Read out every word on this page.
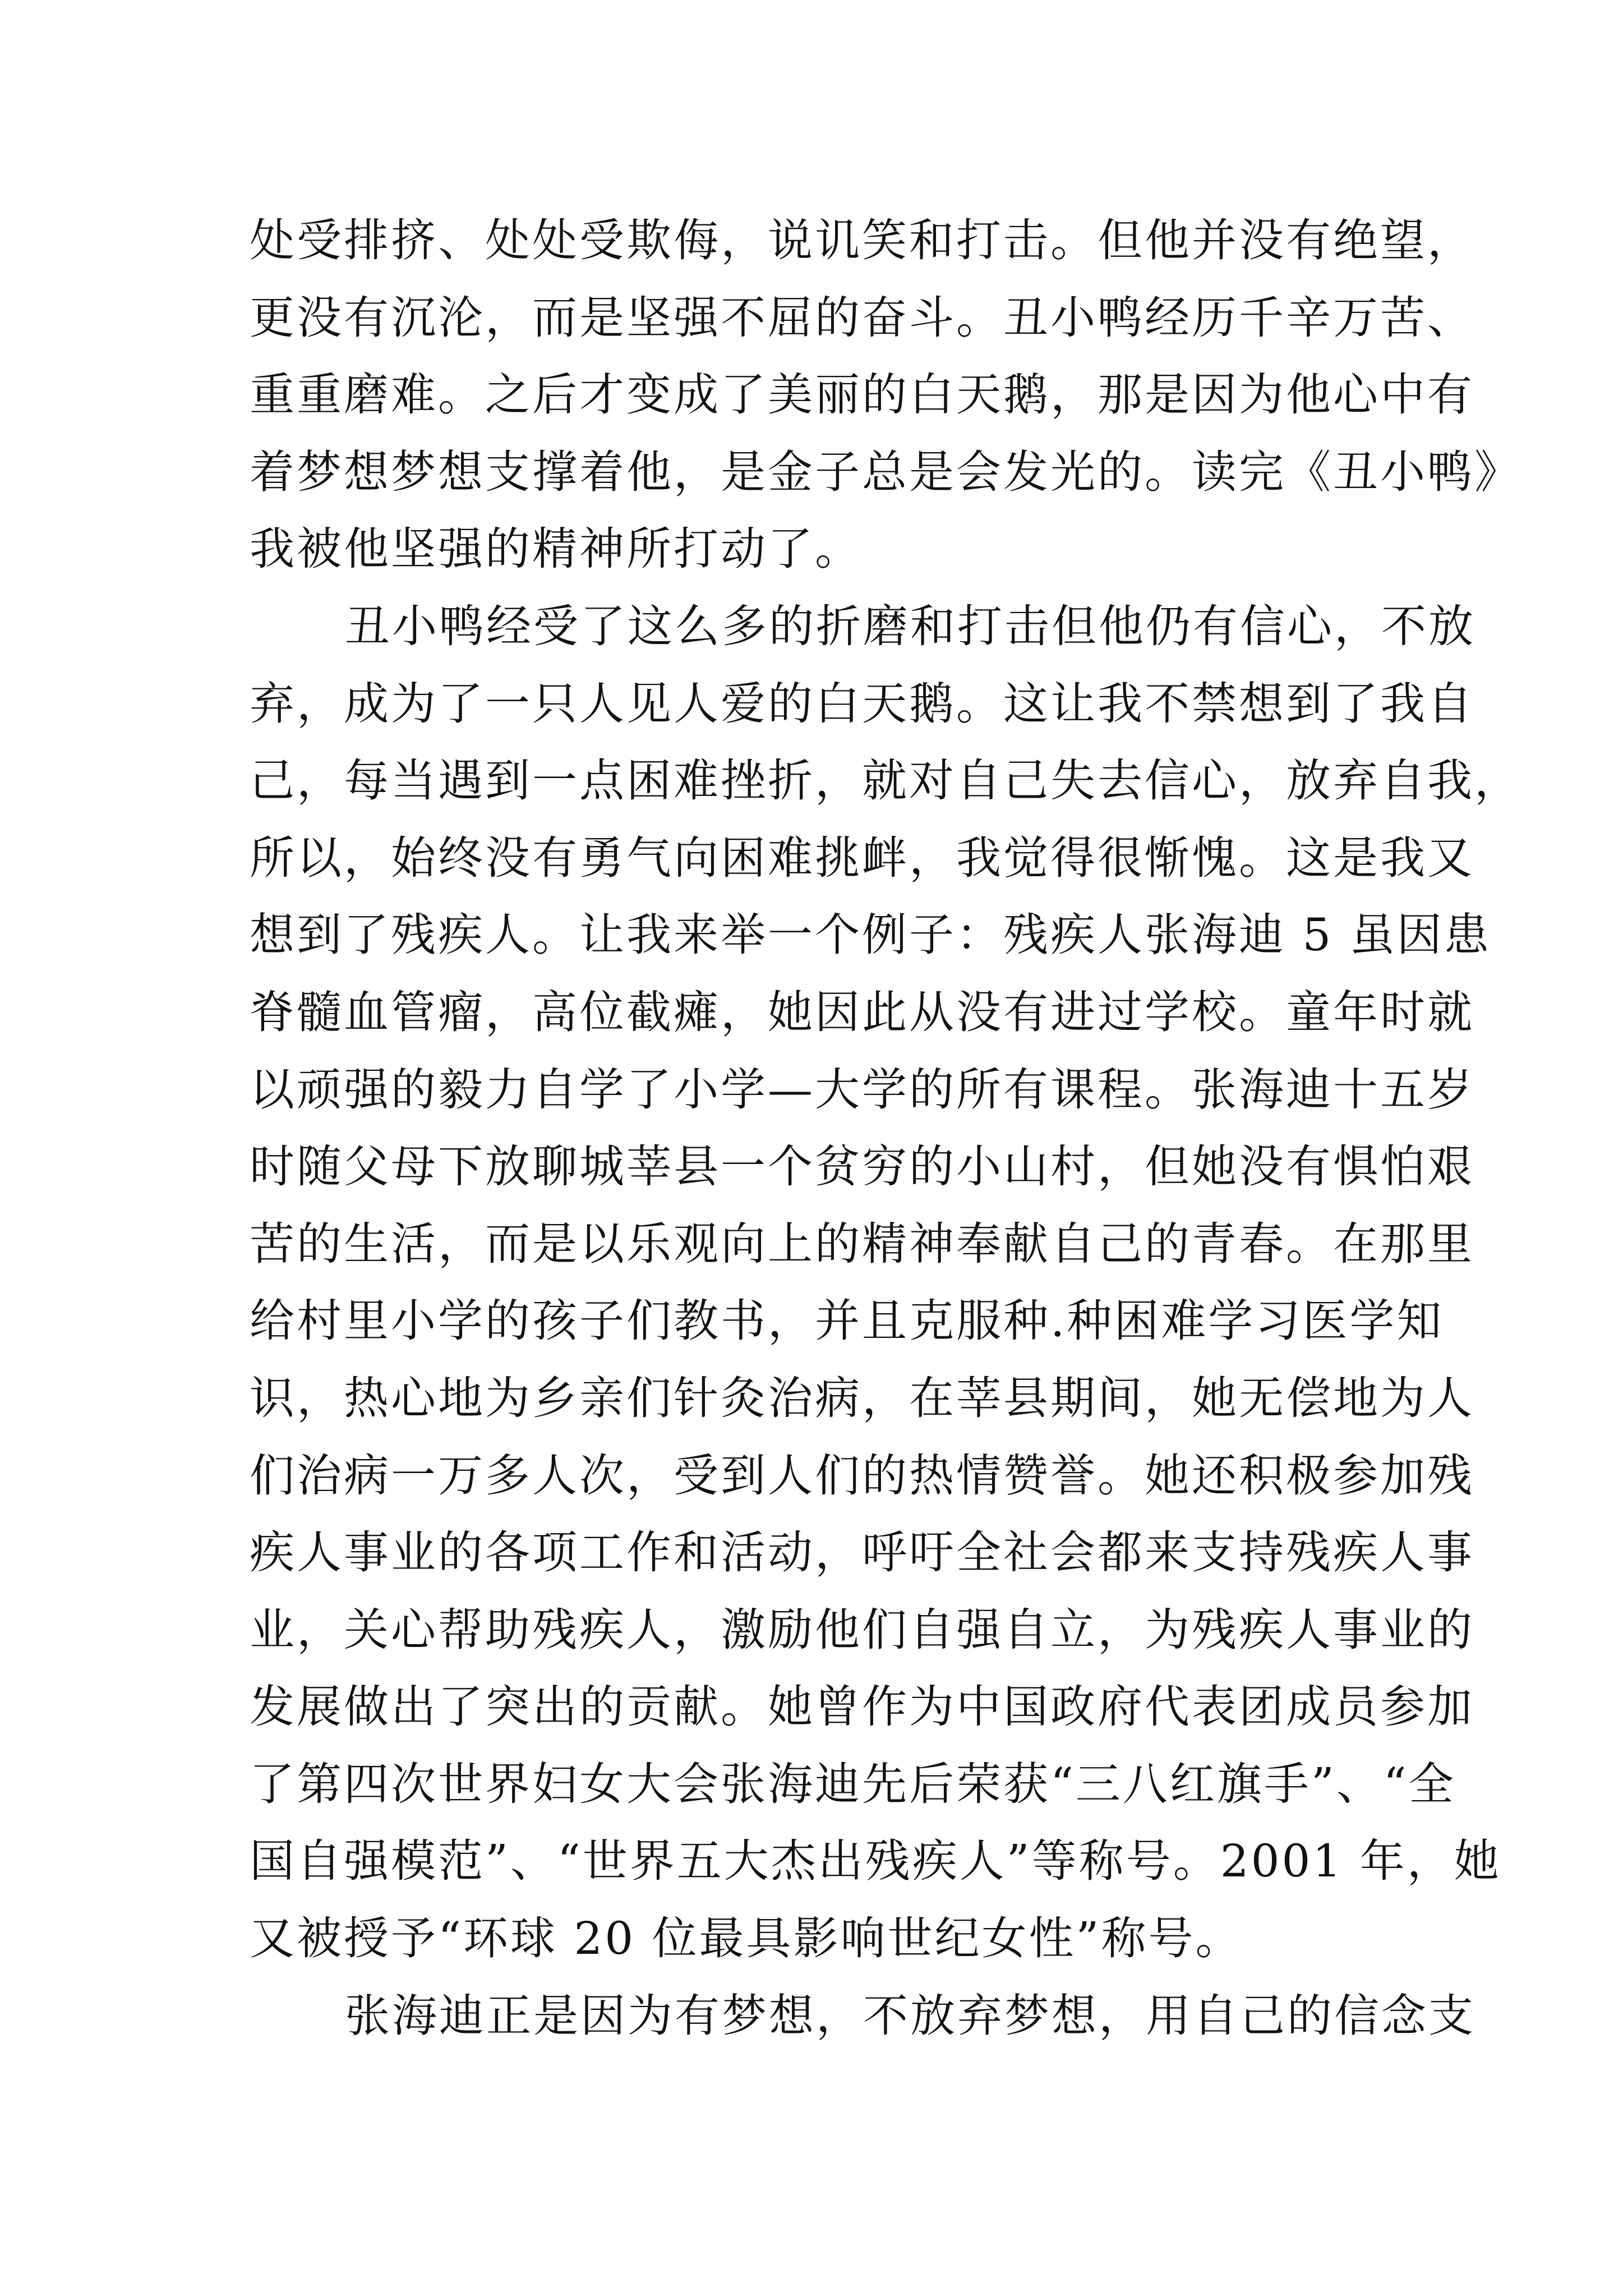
处受排挤、处处受欺侮，说讥笑和打击。但他并没有绝望，
更没有沉沦，而是坚强不屈的奋斗。丑小鸭经历千辛万苦、
重重磨难。之后才变成了美丽的白天鹅，那是因为他心中有
着梦想梦想支撑着他，是金子总是会发光的。读完《丑小鸭》
我被他坚强的精神所打动了。
丑小鸭经受了这么多的折磨和打击但他仍有信心，不放
弃，成为了一只人见人爱的白天鹅。这让我不禁想到了我自
己，每当遇到一点困难挫折，就对自己失去信心，放弃自我，
所以，始终没有勇气向困难挑衅，我觉得很惭愧。这是我又
想到了残疾人。让我来举一个例子：残疾人张海迪 5 虽因患
脊髓血管瘤，高位截瘫，她因此从没有进过学校。童年时就
以顽强的毅力自学了小学—大学的所有课程。张海迪十五岁
时随父母下放聊城莘县一个贫穷的小山村，但她没有惧怕艰
苦的生活，而是以乐观向上的精神奉献自己的青春。在那里
给村里小学的孩子们教书，并且克服种.种困难学习医学知
识，热心地为乡亲们针灸治病，在莘县期间，她无偿地为人
们治病一万多人次，受到人们的热情赞誉。她还积极参加残
疾人事业的各项工作和活动，呼吁全社会都来支持残疾人事
业，关心帮助残疾人，激励他们自强自立，为残疾人事业的
发展做出了突出的贡献。她曾作为中国政府代表团成员参加
了第四次世界妇女大会张海迪先后荣获“三八红旗手”、“全
国自强模范”、“世界五大杰出残疾人”等称号。2001 年，她
又被授予“环球 20 位最具影响世纪女性”称号。
张海迪正是因为有梦想，不放弃梦想，用自己的信念支
